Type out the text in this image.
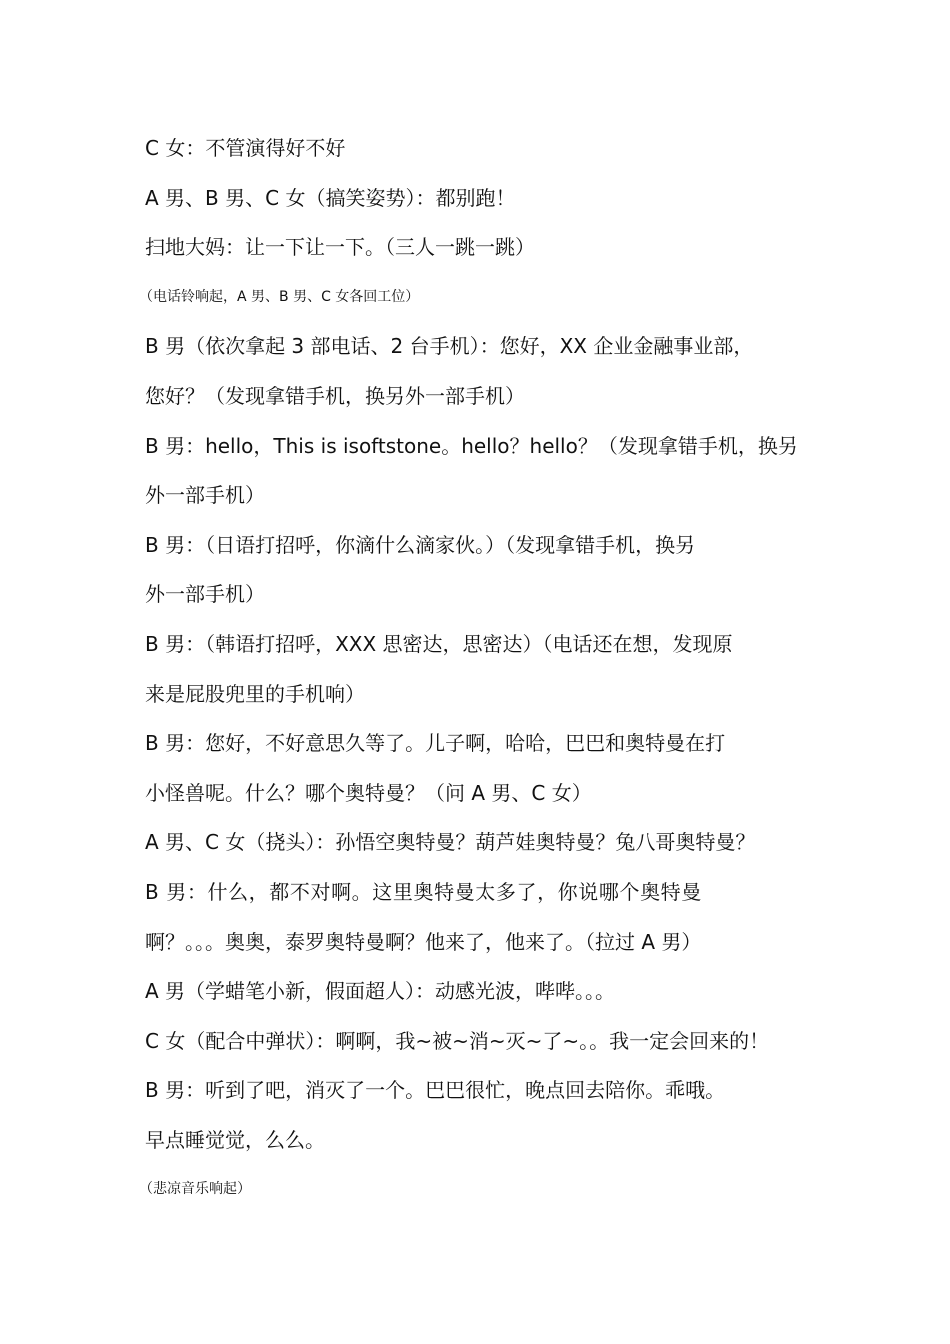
C 女：不管演得好不好
A 男、B 男、C 女（搞笑姿势）：都别跑！
扫地大妈：让一下让一下。（三人一跳一跳）
（电话铃响起，A 男、B 男、C 女各回工位）
B 男（依次拿起 3 部电话、2 台手机）：您好，XX 企业金融事业部，
您好？（发现拿错手机，换另外一部手机）
B 男：hello，This is isoftstone。hello？hello？（发现拿错手机，换另
外一部手机）
B 男：（日语打招呼，你滴什么滴家伙。）（发现拿错手机，换另
外一部手机）
B 男：（韩语打招呼，XXX 思密达，思密达）（电话还在想，发现原
来是屁股兜里的手机响）
B 男：您好，不好意思久等了。儿子啊，哈哈，巴巴和奥特曼在打
小怪兽呢。什么？哪个奥特曼？（问 A 男、C 女）
A 男、C 女（挠头）：孙悟空奥特曼？葫芦娃奥特曼？兔八哥奥特曼？
B 男：什么，都不对啊。这里奥特曼太多了，你说哪个奥特曼
啊？。。。奥奥，泰罗奥特曼啊？他来了，他来了。（拉过 A 男）
A 男（学蜡笔小新，假面超人）：动感光波，哔哔。。。
C 女（配合中弹状）：啊啊，我~被~消~灭~了~。。我一定会回来的！
B 男：听到了吧，消灭了一个。巴巴很忙，晚点回去陪你。乖哦。
早点睡觉觉，么么。
（悲凉音乐响起）
